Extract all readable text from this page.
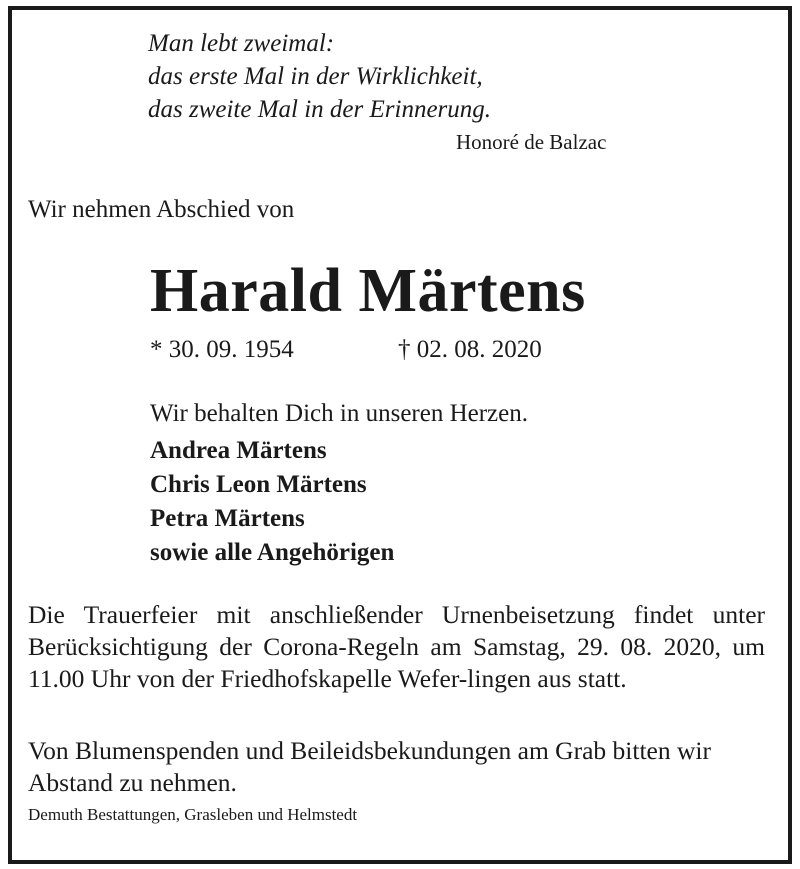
Man lebt zweimal:
das erste Mal in der Wirklichkeit,
das zweite Mal in der Erinnerung.
Honoré de Balzac
Wir nehmen Abschied von
Harald Märtens
* 30. 09. 1954	† 02. 08. 2020
Wir behalten Dich in unseren Herzen.
Andrea Märtens
Chris Leon Märtens
Petra Märtens
sowie alle Angehörigen
Die Trauerfeier mit anschließender Urnenbeisetzung findet unter Berücksichtigung der Corona-Regeln am Samstag, 29. 08. 2020, um 11.00 Uhr von der Friedhofskapelle Wefer-lingen aus statt.
Von Blumenspenden und Beileidsbekundungen am Grab bitten wir Abstand zu nehmen.
Demuth Bestattungen, Grasleben und Helmstedt
